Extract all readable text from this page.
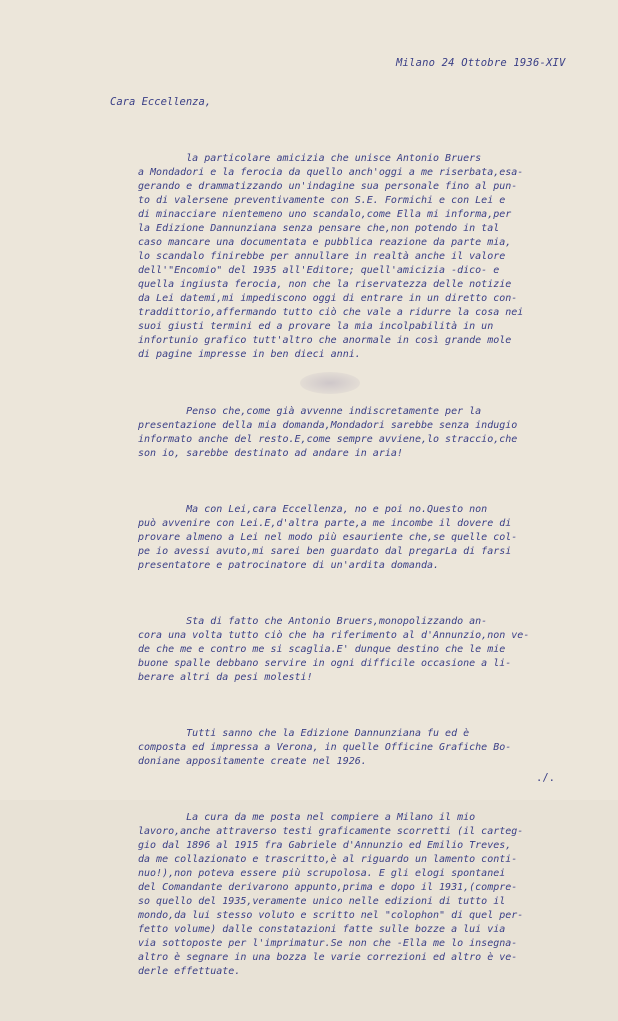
Milano 24 Ottobre 1936-XIV
Cara Eccellenza,

la particolare amicizia che unisce Antonio Bruers
a Mondadori e la ferocia da quello anch'oggi a me riserbata,esa-
gerando e drammatizzando un'indagine sua personale fino al pun-
to di valersene preventivamente con S.E. Formichi e con Lei e
di minacciare nientemeno uno scandalo,come Ella mi informa,per
la Edizione Dannunziana senza pensare che,non potendo in tal
caso mancare una documentata e pubblica reazione da parte mia,
lo scandalo finirebbe per annullare in realtà anche il valore
dell'"Encomio" del 1935 all'Editore; quell'amicizia -dico- e
quella ingiusta ferocia, non che la riservatezza delle notizie
da Lei datemi,mi impediscono oggi di entrare in un diretto con-
traddittorio,affermando tutto ciò che vale a ridurre la cosa nei
suoi giusti termini ed a provare la mia incolpabilità in un
infortunio grafico tutt'altro che anormale in così grande mole
di pagine impresse in ben dieci anni.

Penso che,come già avvenne indiscretamente per la
presentazione della mia domanda,Mondadori sarebbe senza indugio
informato anche del resto.E,come sempre avviene,lo straccio,che
son io, sarebbe destinato ad andare in aria!

Ma con Lei,cara Eccellenza, no e poi no.Questo non
può avvenire con Lei.E,d'altra parte,a me incombe il dovere di
provare almeno a Lei nel modo più esauriente che,se quelle col-
pe io avessi avuto,mi sarei ben guardato dal pregarLa di farsi
presentatore e patrocinatore di un'ardita domanda.

Sta di fatto che Antonio Bruers,monopolizzando an-
cora una volta tutto ciò che ha riferimento al d'Annunzio,non ve-
de che me e contro me si scaglia.E' dunque destino che le mie
buone spalle debbano servire in ogni difficile occasione a li-
berare altri da pesi molesti!

Tutti sanno che la Edizione Dannunziana fu ed è
composta ed impressa a Verona, in quelle Officine Grafiche Bo-
doniane appositamente create nel 1926.

La cura da me posta nel compiere a Milano il mio
lavoro,anche attraverso testi graficamente scorretti (il carteg-
gio dal 1896 al 1915 fra Gabriele d'Annunzio ed Emilio Treves,
da me collazionato e trascritto,è al riguardo un lamento conti-
nuo!),non poteva essere più scrupolosa. E gli elogi spontanei
del Comandante derivarono appunto,prima e dopo il 1931,(compre-
so quello del 1935,veramente unico nelle edizioni di tutto il
mondo,da lui stesso voluto e scritto nel "colophon" di quel per-
fetto volume) dalle constatazioni fatte sulle bozze a lui via
via sottoposte per l'imprimatur.Se non che -Ella me lo insegna-
altro è segnare in una bozza le varie correzioni ed altro è ve-
derle effettuate.

./.
